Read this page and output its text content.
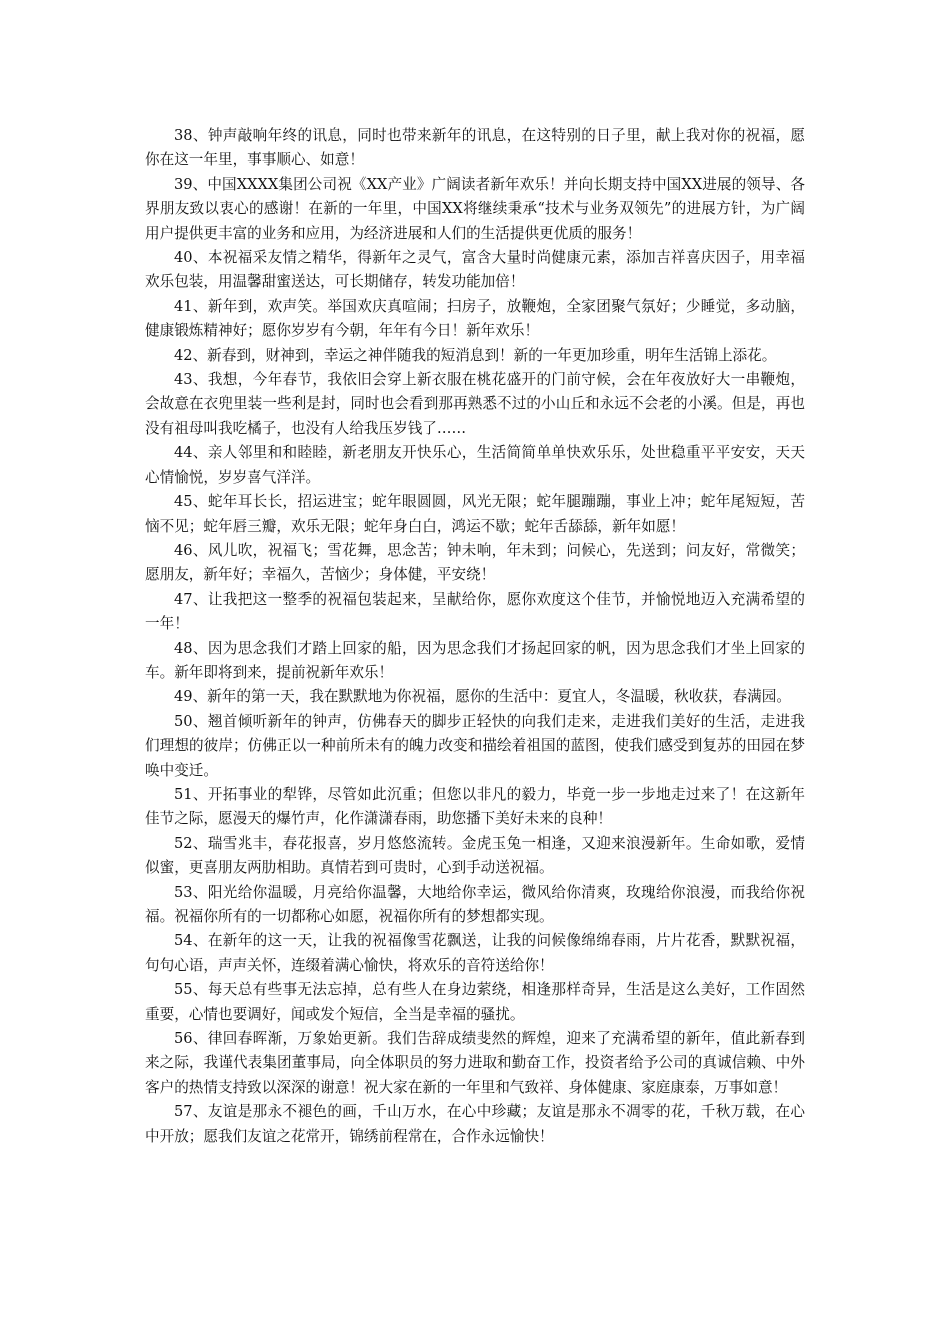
38、钟声敲响年终的讯息，同时也带来新年的讯息，在这特别的日子里，献上我对你的祝福，愿你在这一年里，事事顺心、如意！

39、中国XXXX集团公司祝《XX产业》广阔读者新年欢乐！并向长期支持中国XX进展的领导、各界朋友致以衷心的感谢！在新的一年里，中国XX将继续秉承“技术与业务双领先”的进展方针，为广阔用户提供更丰富的业务和应用，为经济进展和人们的生活提供更优质的服务！

40、本祝福采友情之精华，得新年之灵气，富含大量时尚健康元素，添加吉祥喜庆因子，用幸福欢乐包装，用温馨甜蜜送达，可长期储存，转发功能加倍！

41、新年到，欢声笑。举国欢庆真喧闹；扫房子，放鞭炮，全家团聚气氛好；少睡觉，多动脑，健康锻炼精神好；愿你岁岁有今朝，年年有今日！新年欢乐！

42、新春到，财神到，幸运之神伴随我的短消息到！新的一年更加珍重，明年生活锦上添花。

43、我想，今年春节，我依旧会穿上新衣服在桃花盛开的门前守候，会在年夜放好大一串鞭炮，会故意在衣兜里装一些利是封，同时也会看到那再熟悉不过的小山丘和永远不会老的小溪。但是，再也没有祖母叫我吃橘子，也没有人给我压岁钱了……

44、亲人邻里和和睦睦，新老朋友开快乐心，生活简简单单快欢乐乐，处世稳重平平安安，天天心情愉悦，岁岁喜气洋洋。

45、蛇年耳长长，招运进宝；蛇年眼圆圆，风光无限；蛇年腿蹦蹦，事业上冲；蛇年尾短短，苦恼不见；蛇年唇三瓣，欢乐无限；蛇年身白白，鸿运不歇；蛇年舌舔舔，新年如愿！

46、风儿吹，祝福飞；雪花舞，思念苦；钟未响，年未到；问候心，先送到；问友好，常微笑；愿朋友，新年好；幸福久，苦恼少；身体健，平安绕！

47、让我把这一整季的祝福包装起来，呈献给你，愿你欢度这个佳节，并愉悦地迈入充满希望的一年！

48、因为思念我们才踏上回家的船，因为思念我们才扬起回家的帆，因为思念我们才坐上回家的车。新年即将到来，提前祝新年欢乐！

49、新年的第一天，我在默默地为你祝福，愿你的生活中：夏宜人，冬温暖，秋收获，春满园。

50、翘首倾听新年的钟声，仿佛春天的脚步正轻快的向我们走来，走进我们美好的生活，走进我们理想的彼岸；仿佛正以一种前所未有的魄力改变和描绘着祖国的蓝图，使我们感受到复苏的田园在梦唤中变迁。

51、开拓事业的犁铧，尽管如此沉重；但您以非凡的毅力，毕竟一步一步地走过来了！在这新年佳节之际，愿漫天的爆竹声，化作潇潇春雨，助您播下美好未来的良种！

52、瑞雪兆丰，春花报喜，岁月悠悠流转。金虎玉兔一相逢，又迎来浪漫新年。生命如歌，爱情似蜜，更喜朋友两肋相助。真情若到可贵时，心到手动送祝福。

53、阳光给你温暖，月亮给你温馨，大地给你幸运，微风给你清爽，玫瑰给你浪漫，而我给你祝福。祝福你所有的一切都称心如愿，祝福你所有的梦想都实现。

54、在新年的这一天，让我的祝福像雪花飘送，让我的问候像绵绵春雨，片片花香，默默祝福，句句心语，声声关怀，连缀着满心愉快，将欢乐的音符送给你！

55、每天总有些事无法忘掉，总有些人在身边萦绕，相逢那样奇异，生活是这么美好，工作固然重要，心情也要调好，闻或发个短信，全当是幸福的骚扰。

56、律回春晖渐，万象始更新。我们告辞成绩斐然的辉煌，迎来了充满希望的新年，值此新春到来之际，我谨代表集团董事局，向全体职员的努力进取和勤奋工作，投资者给予公司的真诚信赖、中外客户的热情支持致以深深的谢意！祝大家在新的一年里和气致祥、身体健康、家庭康泰，万事如意！

57、友谊是那永不褪色的画，千山万水，在心中珍藏；友谊是那永不凋零的花，千秋万载，在心中开放；愿我们友谊之花常开，锦绣前程常在，合作永远愉快！
